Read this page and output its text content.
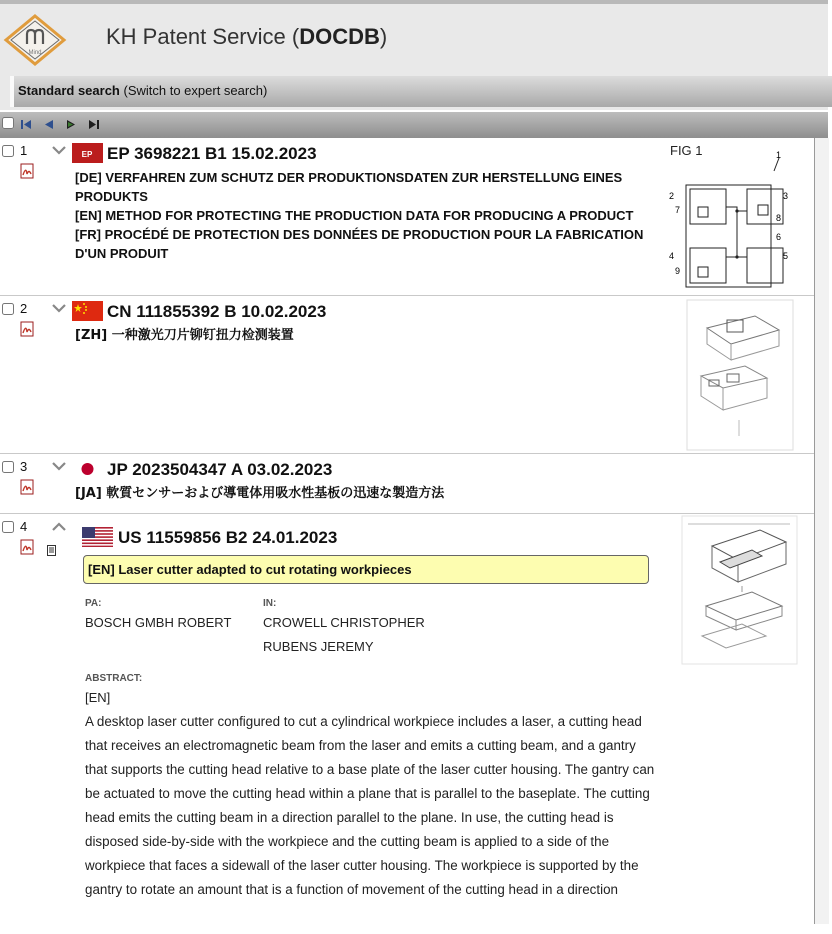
Mind
KH Patent Service (DOCDB)
Standard search (Switch to expert search)
1	EP EP 3698221 B1 15.02.2023
[DE] VERFAHREN ZUM SCHUTZ DER PRODUKTIONSDATEN ZUR HERSTELLUNG EINES PRODUKTS
[EN] METHOD FOR PROTECTING THE PRODUCTION DATA FOR PRODUCING A PRODUCT
[FR] PROCÉDÉ DE PROTECTION DES DONNÉES DE PRODUCTION POUR LA FABRICATION D'UN PRODUIT
FIG 1	1
2	3
4	5
6
7
8
9
2	CN 111855392 B 10.02.2023
[ZH] 一种激光刀片铆钉扭力检测装置
3	JP 2023504347 A 03.02.2023
[JA] 軟質センサーおよび導電体用吸水性基板の迅速な製造方法
4
US 11559856 B2 24.01.2023
[EN] Laser cutter adapted to cut rotating workpieces
PA:
BOSCH GMBH ROBERT
IN:
CROWELL CHRISTOPHER
RUBENS JEREMY
ABSTRACT:
[EN]
A desktop laser cutter configured to cut a cylindrical workpiece includes a laser, a cutting head that receives an electromagnetic beam from the laser and emits a cutting beam, and a gantry that supports the cutting head relative to a base plate of the laser cutter housing. The gantry can be actuated to move the cutting head within a plane that is parallel to the baseplate. The cutting head emits the cutting beam in a direction parallel to the plane. In use, the cutting head is disposed side-by-side with the workpiece and the cutting beam is applied to a side of the workpiece that faces a sidewall of the laser cutter housing. The workpiece is supported by the gantry to rotate an amount that is a function of movement of the cutting head in a direction
